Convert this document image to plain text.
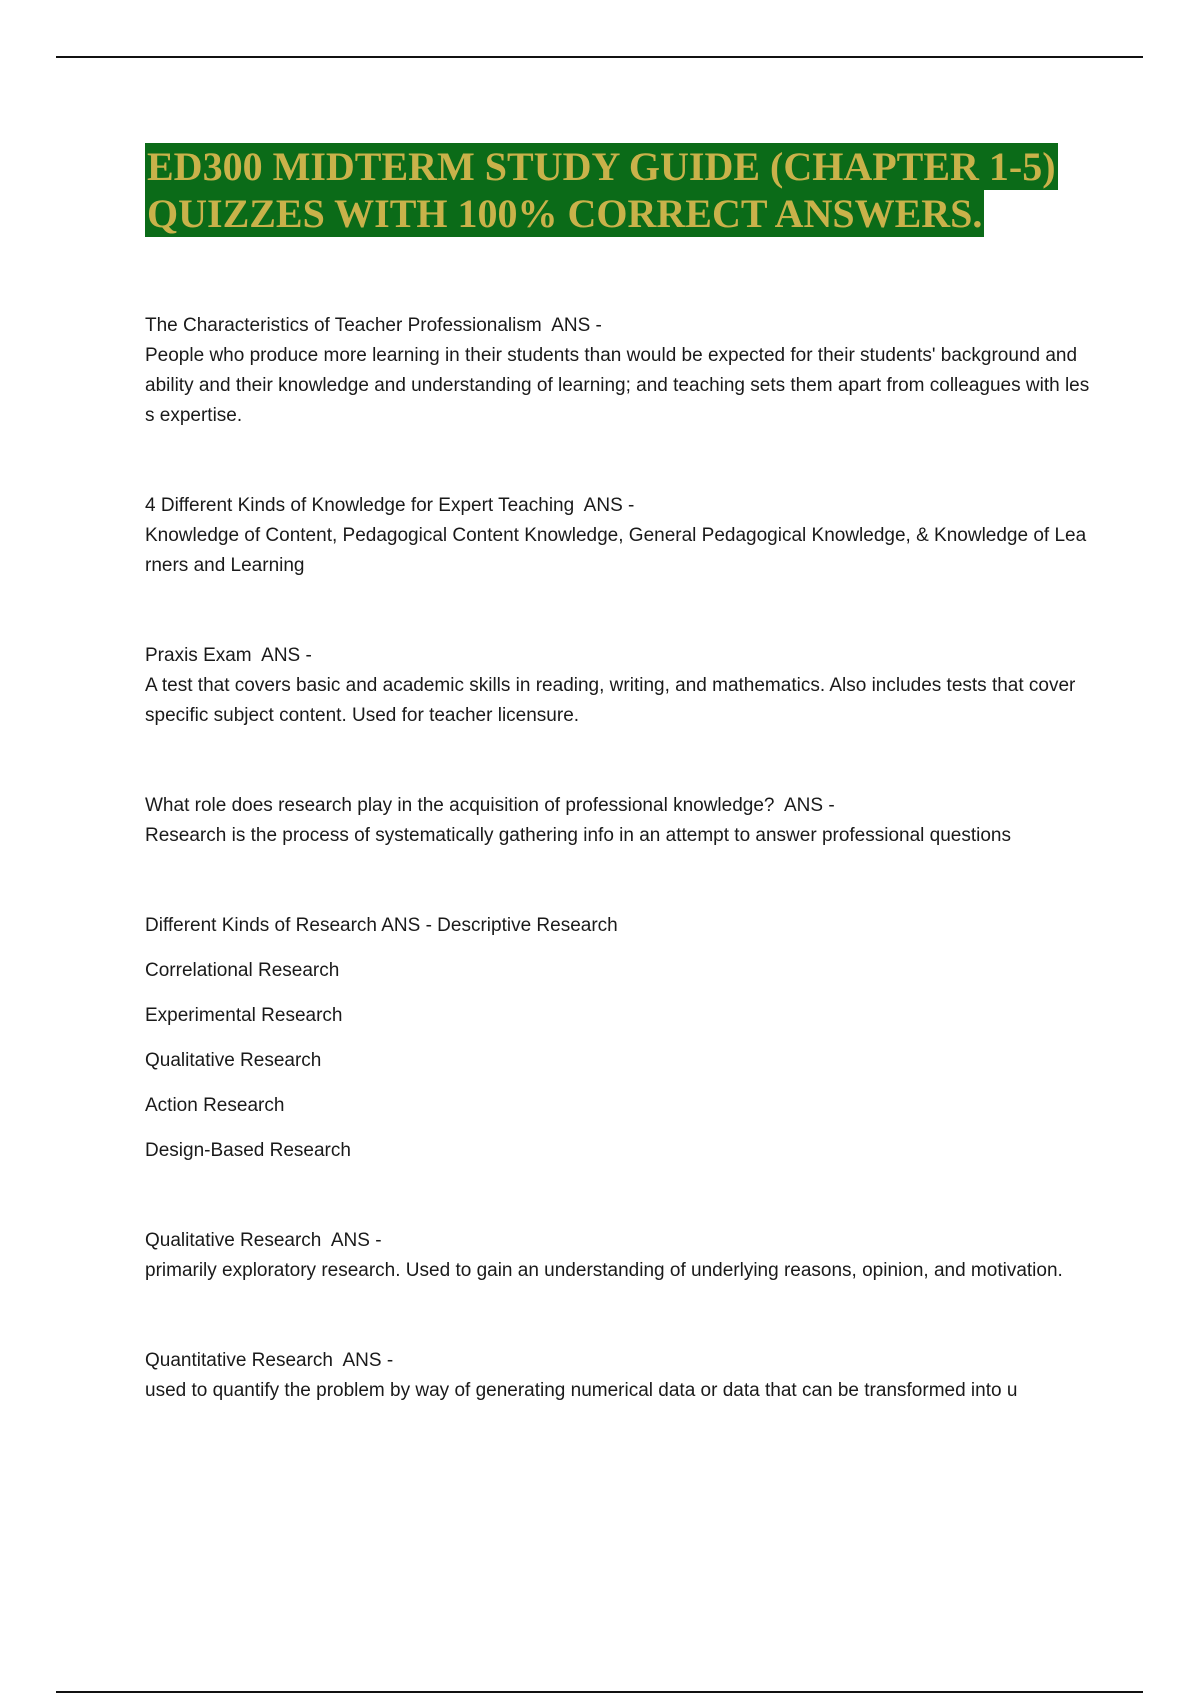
ED300 MIDTERM STUDY GUIDE (CHAPTER 1-5)
QUIZZES WITH 100% CORRECT ANSWERS.
The Characteristics of Teacher Professionalism  ANS -
People who produce more learning in their students than would be expected for their students' background and ability and their knowledge and understanding of learning; and teaching sets them apart from colleagues with less expertise.
4 Different Kinds of Knowledge for Expert Teaching  ANS -
Knowledge of Content, Pedagogical Content Knowledge, General Pedagogical Knowledge, & Knowledge of Learners and Learning
Praxis Exam  ANS -
A test that covers basic and academic skills in reading, writing, and mathematics. Also includes tests that cover specific subject content. Used for teacher licensure.
What role does research play in the acquisition of professional knowledge?  ANS -
Research is the process of systematically gathering info in an attempt to answer professional questions
Different Kinds of Research ANS - Descriptive Research
Correlational Research
Experimental Research
Qualitative Research
Action Research
Design-Based Research
Qualitative Research  ANS -
primarily exploratory research. Used to gain an understanding of underlying reasons, opinion, and motivation.
Quantitative Research  ANS -
used to quantify the problem by way of generating numerical data or data that can be transformed into u
